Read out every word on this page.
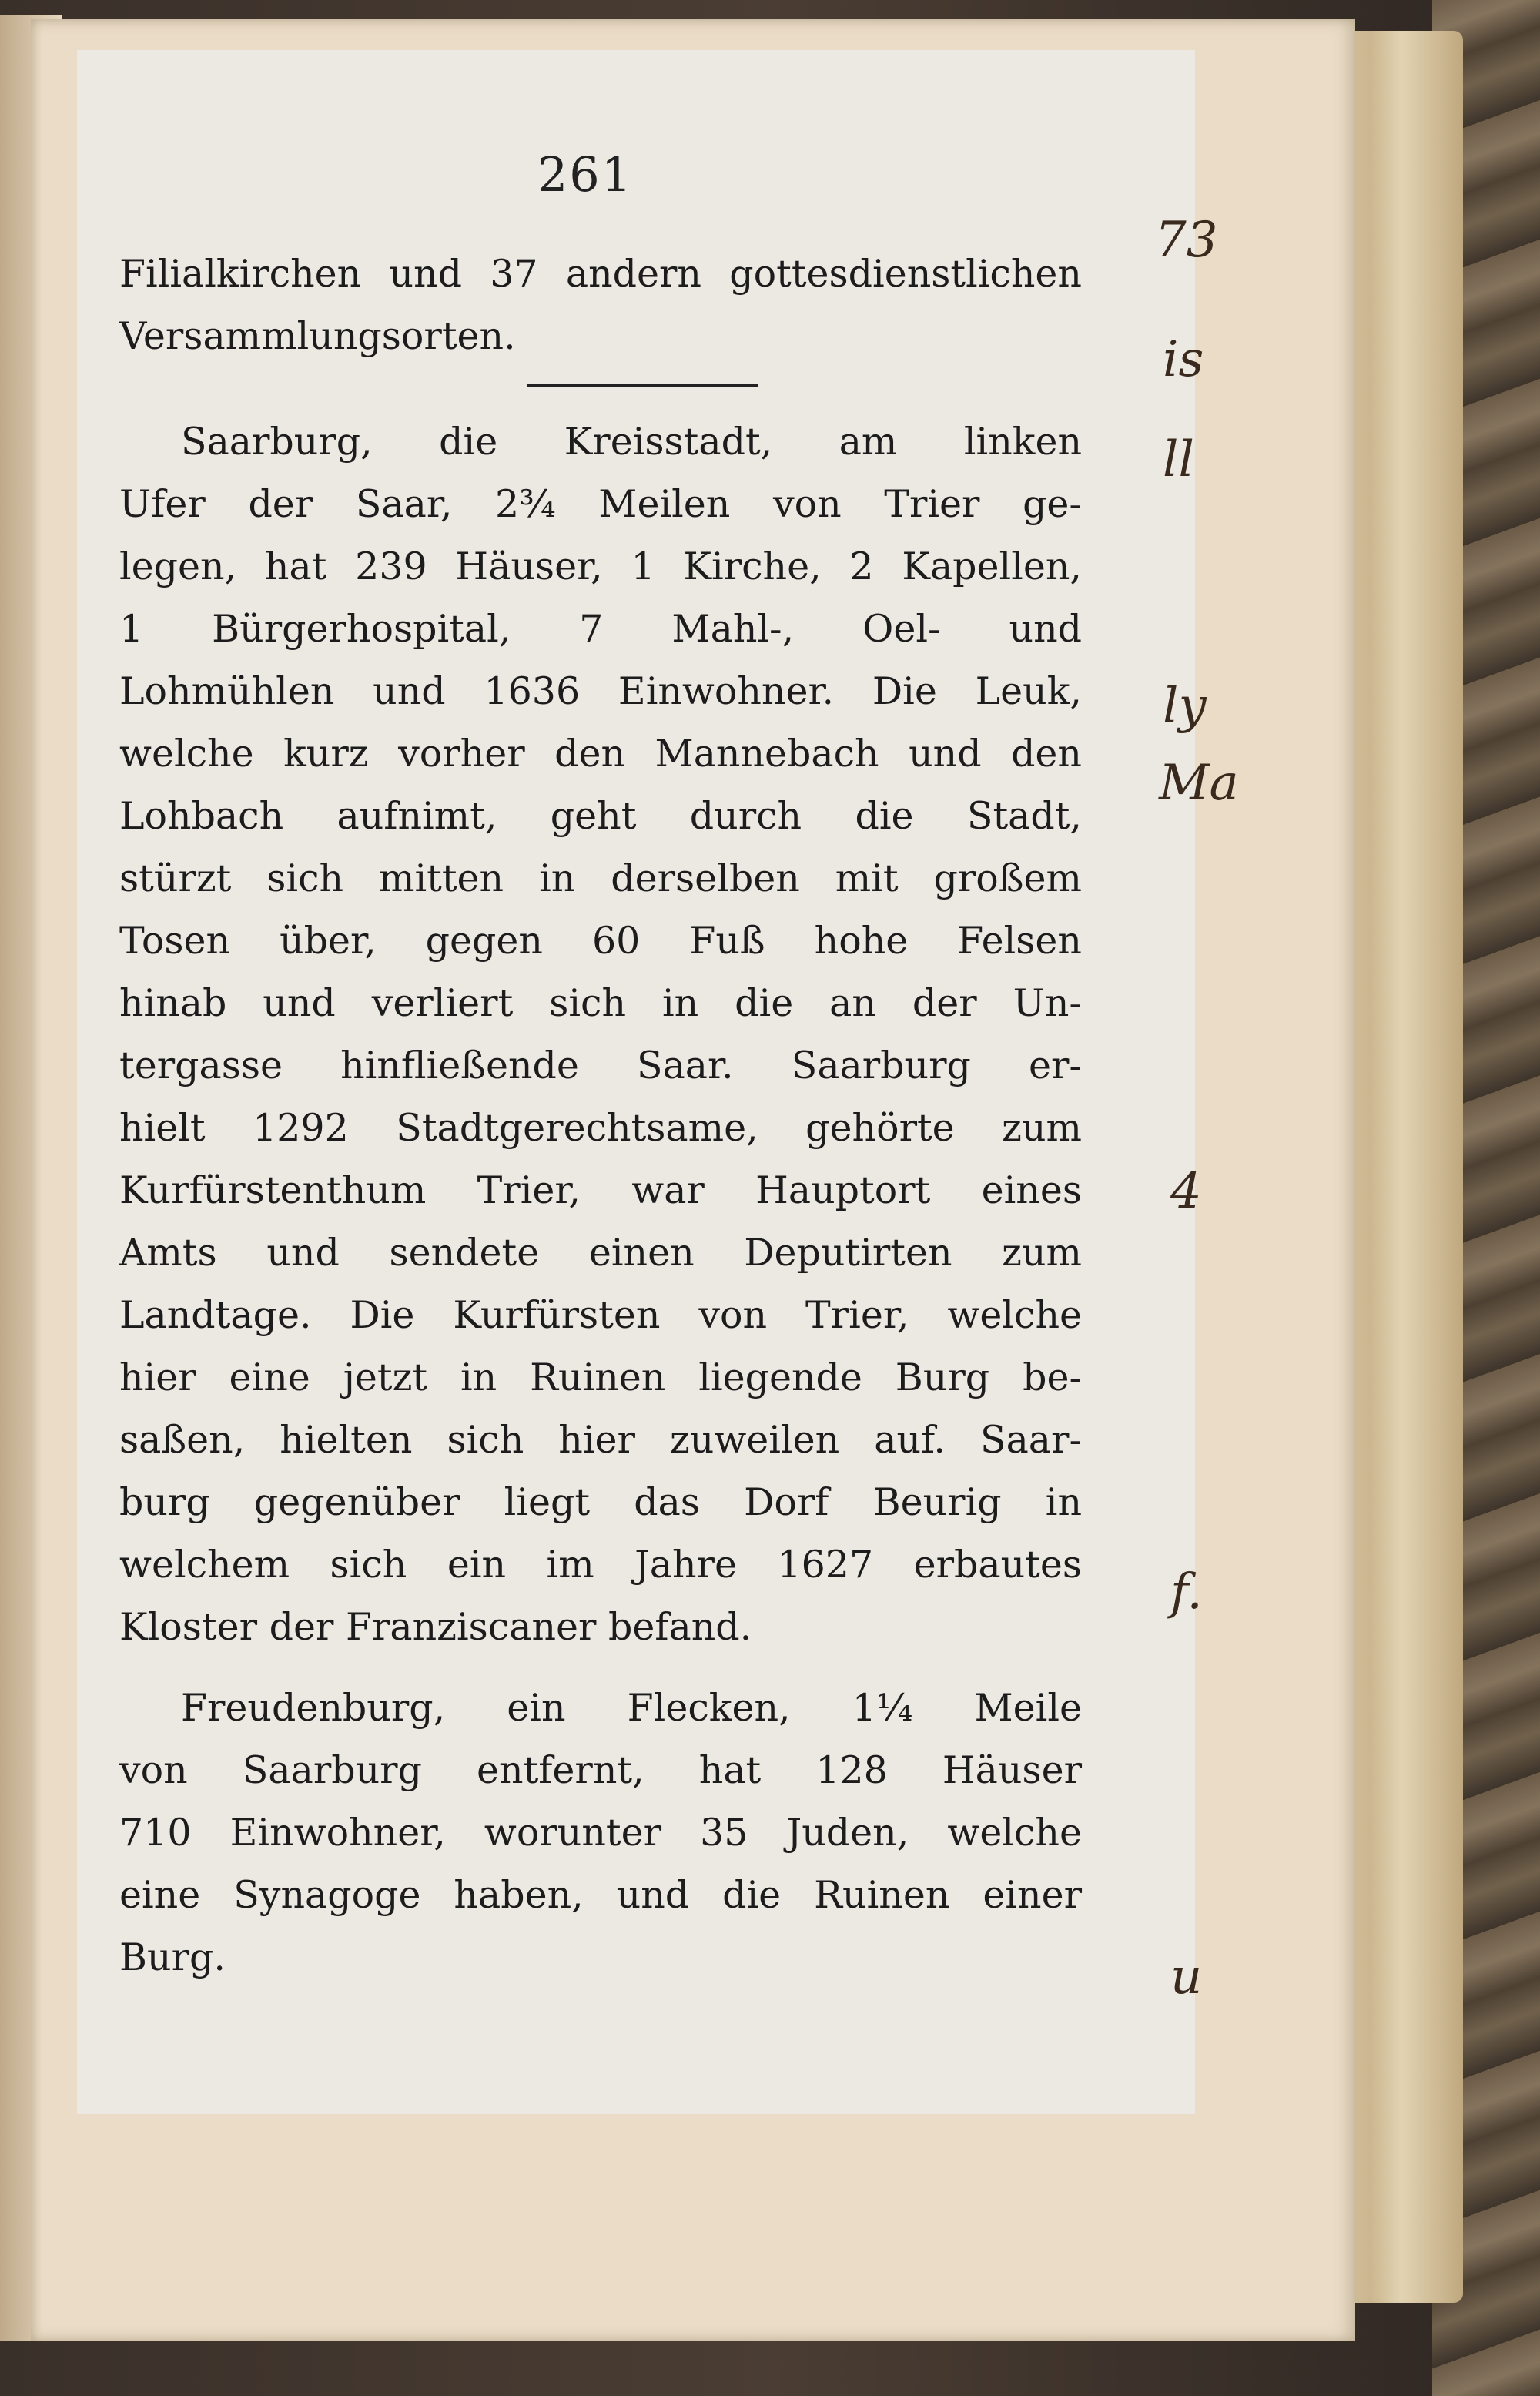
73
is
ll
ly
Ma
4
f.
u
261
Filialkirchen und 37 andern gottesdienstlichen
Versammlungsorten.
Saarburg, die Kreisstadt, am linken
Ufer der Saar, 2¾ Meilen von Trier ge-
legen, hat 239 Häuser, 1 Kirche, 2 Kapellen,
1 Bürgerhospital, 7 Mahl-, Oel- und
Lohmühlen und 1636 Einwohner. Die Leuk,
welche kurz vorher den Mannebach und den
Lohbach aufnimt, geht durch die Stadt,
stürzt sich mitten in derselben mit großem
Tosen über, gegen 60 Fuß hohe Felsen
hinab und verliert sich in die an der Un-
tergasse hinfließende Saar. Saarburg er-
hielt 1292 Stadtgerechtsame, gehörte zum
Kurfürstenthum Trier, war Hauptort eines
Amts und sendete einen Deputirten zum
Landtage. Die Kurfürsten von Trier, welche
hier eine jetzt in Ruinen liegende Burg be-
saßen, hielten sich hier zuweilen auf. Saar-
burg gegenüber liegt das Dorf Beurig in
welchem sich ein im Jahre 1627 erbautes
Kloster der Franziscaner befand.
Freudenburg, ein Flecken, 1¼ Meile
von Saarburg entfernt, hat 128 Häuser
710 Einwohner, worunter 35 Juden, welche
eine Synagoge haben, und die Ruinen einer
Burg.
